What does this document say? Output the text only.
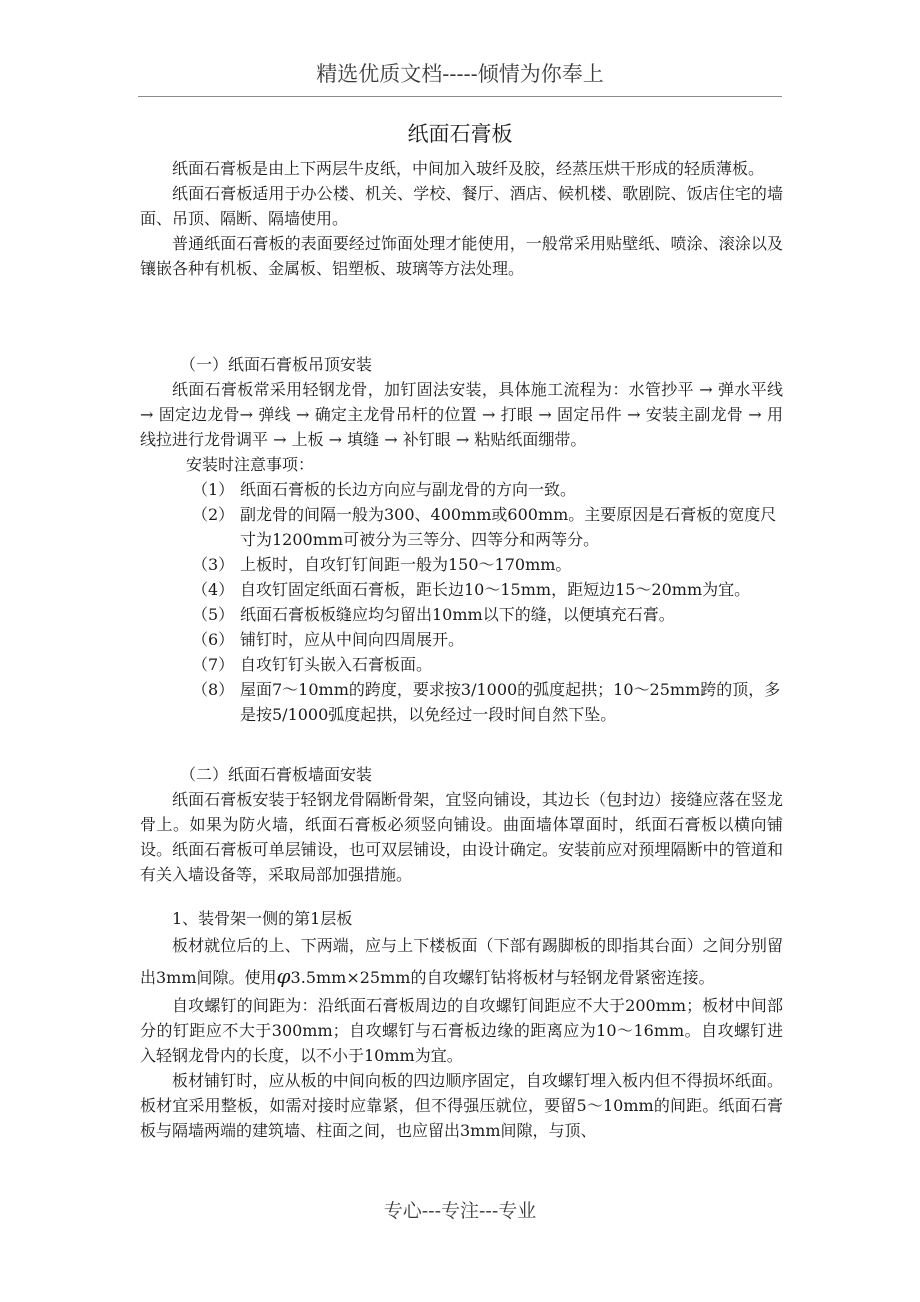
精选优质文档-----倾情为你奉上
纸面石膏板

纸面石膏板是由上下两层牛皮纸，中间加入玻纤及胶，经蒸压烘干形成的轻质薄板。

纸面石膏板适用于办公楼、机关、学校、餐厅、酒店、候机楼、歌剧院、饭店住宅的墙面、吊顶、隔断、隔墙使用。

普通纸面石膏板的表面要经过饰面处理才能使用，一般常采用贴壁纸、喷涂、滚涂以及镶嵌各种有机板、金属板、铝塑板、玻璃等方法处理。

（一）纸面石膏板吊顶安装

纸面石膏板常采用轻钢龙骨，加钉固法安装，具体施工流程为：水管抄平 → 弹水平线 → 固定边龙骨→ 弹线 → 确定主龙骨吊杆的位置 → 打眼 → 固定吊件 → 安装主副龙骨 → 用线拉进行龙骨调平 → 上板 → 填缝 → 补钉眼 → 粘贴纸面绷带。

安装时注意事项：

（1） 纸面石膏板的长边方向应与副龙骨的方向一致。
（2） 副龙骨的间隔一般为300、400mm或600mm。主要原因是石膏板的宽度尺寸为1200mm可被分为三等分、四等分和两等分。
（3） 上板时，自攻钉钉间距一般为150～170mm。
（4） 自攻钉固定纸面石膏板，距长边10～15mm，距短边15～20mm为宜。
（5） 纸面石膏板板缝应均匀留出10mm以下的缝，以便填充石膏。
（6） 铺钉时，应从中间向四周展开。
（7） 自攻钉钉头嵌入石膏板面。
（8） 屋面7～10mm的跨度，要求按3/1000的弧度起拱；10～25mm跨的顶，多是按5/1000弧度起拱，以免经过一段时间自然下坠。

（二）纸面石膏板墙面安装

纸面石膏板安装于轻钢龙骨隔断骨架，宜竖向铺设，其边长（包封边）接缝应落在竖龙骨上。如果为防火墙，纸面石膏板必须竖向铺设。曲面墙体罩面时，纸面石膏板以横向铺设。纸面石膏板可单层铺设，也可双层铺设，由设计确定。安装前应对预埋隔断中的管道和有关入墙设备等，采取局部加强措施。

1、装骨架一侧的第1层板

板材就位后的上、下两端，应与上下楼板面（下部有踢脚板的即指其台面）之间分别留出3mm间隙。使用φ3.5mm×25mm的自攻螺钉钻将板材与轻钢龙骨紧密连接。

自攻螺钉的间距为：沿纸面石膏板周边的自攻螺钉间距应不大于200mm；板材中间部分的钉距应不大于300mm；自攻螺钉与石膏板边缘的距离应为10～16mm。自攻螺钉进入轻钢龙骨内的长度，以不小于10mm为宜。

板材铺钉时，应从板的中间向板的四边顺序固定，自攻螺钉埋入板内但不得损坏纸面。板材宜采用整板，如需对接时应靠紧，但不得强压就位，要留5～10mm的间距。纸面石膏板与隔墙两端的建筑墙、柱面之间，也应留出3mm间隙，与顶、

专心---专注---专业
